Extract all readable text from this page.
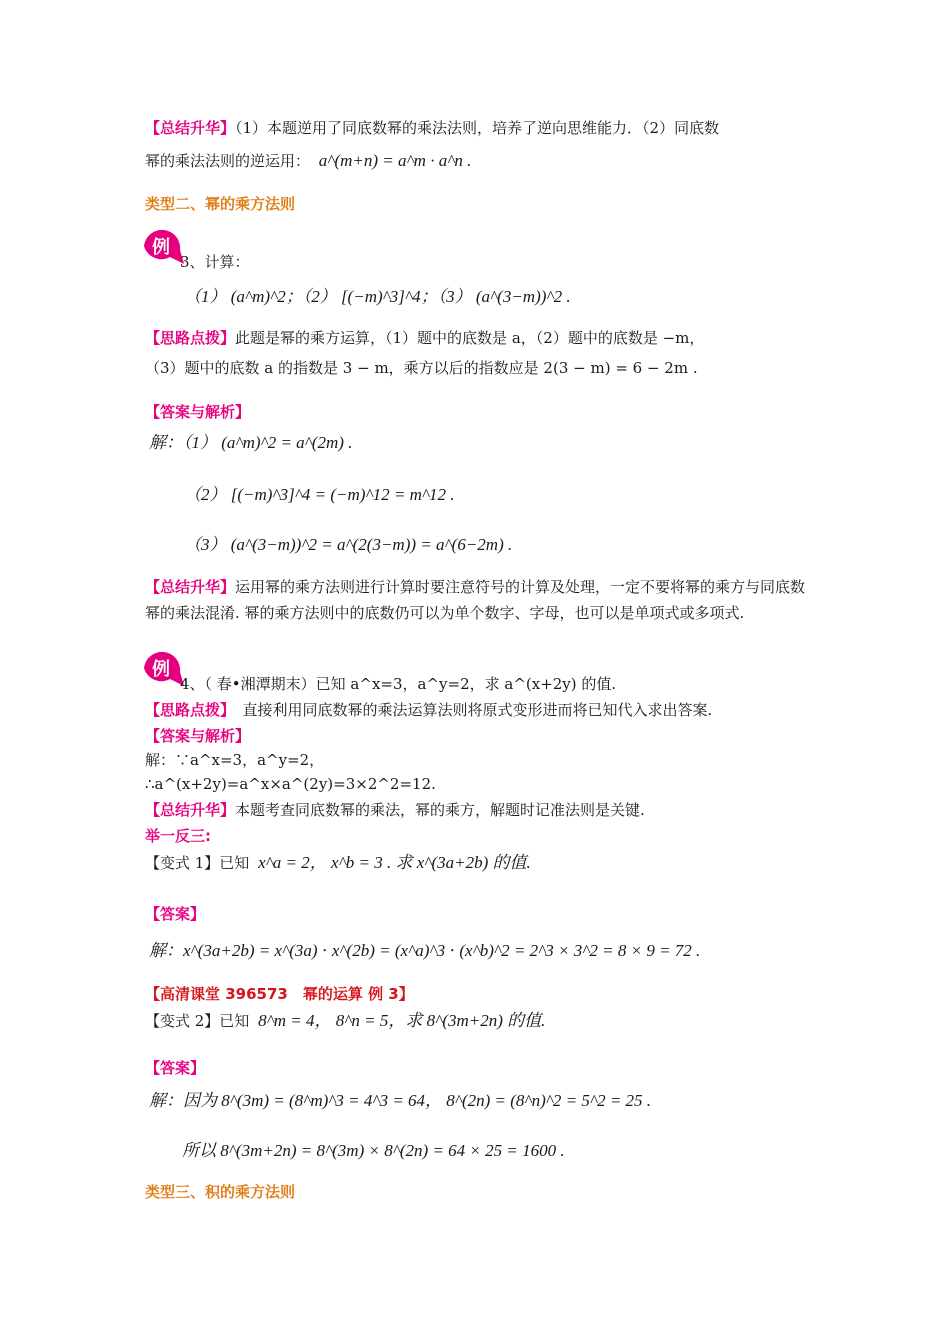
【总结升华】（1）本题逆用了同底数幂的乘法法则，培养了逆向思维能力．（2）同底数
幂的乘法法则的逆运用： a^(m+n) = a^m · a^n .
类型二、幂的乘方法则
例
3、计算：
（1） (a^m)^2；（2） [(−m)^3]^4；（3） (a^(3−m))^2 .
【思路点拨】此题是幂的乘方运算，（1）题中的底数是 a，（2）题中的底数是 −m，
（3）题中的底数 a 的指数是 3 − m，乘方以后的指数应是 2(3 − m) = 6 − 2m .
【答案与解析】
解：（1） (a^m)^2 = a^(2m) .
（2） [(−m)^3]^4 = (−m)^12 = m^12 .
（3） (a^(3−m))^2 = a^(2(3−m)) = a^(6−2m) .
【总结升华】运用幂的乘方法则进行计算时要注意符号的计算及处理，一定不要将幂的乘方与同底数幂的乘法混淆. 幂的乘方法则中的底数仍可以为单个数字、字母，也可以是单项式或多项式.
例
4、（ 春•湘潭期末）已知 a^x=3，a^y=2，求 a^(x+2y) 的值.
【思路点拨】　 直接利用同底数幂的乘法运算法则将原式变形进而将已知代入求出答案.
【答案与解析】
解：∵a^x=3，a^y=2，
∴a^(x+2y)=a^x×a^(2y)=3×2^2=12.
【总结升华】本题考查同底数幂的乘法，幂的乘方，解题时记准法则是关键.
举一反三:
【变式 1】已知 x^a = 2， x^b = 3 . 求 x^(3a+2b) 的值.
【答案】
解：x^(3a+2b) = x^(3a) ⋅ x^(2b) = (x^a)^3 ⋅ (x^b)^2 = 2^3 × 3^2 = 8 × 9 = 72 .
【高清课堂 396573　幂的运算 例 3】
【变式 2】已知 8^m = 4， 8^n = 5，求 8^(3m+2n) 的值.
【答案】
解：因为 8^(3m) = (8^m)^3 = 4^3 = 64， 8^(2n) = (8^n)^2 = 5^2 = 25 .
所以 8^(3m+2n) = 8^(3m) × 8^(2n) = 64 × 25 = 1600 .
类型三、积的乘方法则
